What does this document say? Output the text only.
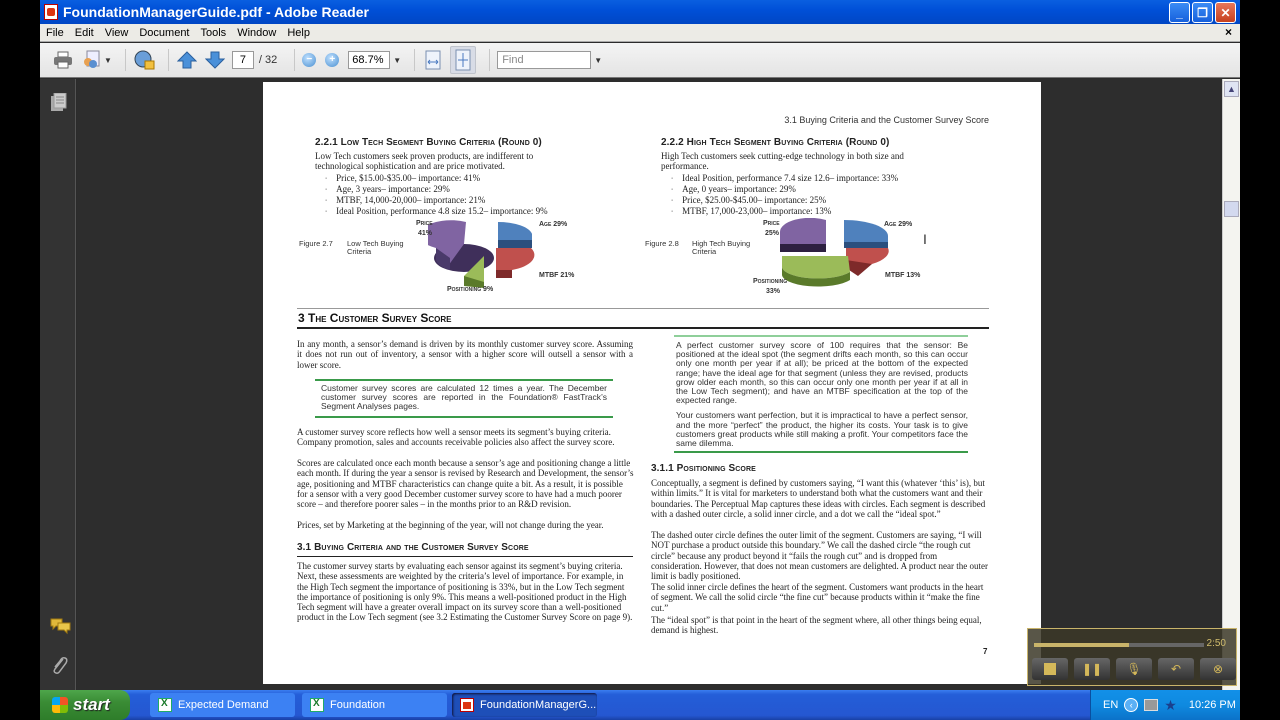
FoundationManagerGuide.pdf - Adobe Reader	_	❐	✕
File Edit View Document Tools Window Help	×
▼	7	/ 32	−	+	68.7%	▼	Find	▼
▲
3.1 Buying Criteria and the Customer Survey Score
2.2.1 Low Tech Segment Buying Criteria (Round 0)
Low Tech customers seek proven products, are indifferent to technological sophistication and are price motivated.
▪ Price, $15.00-$35.00– importance: 41%
▪ Age, 3 years– importance: 29%
▪ MTBF, 14,000-20,000– importance: 21%
▪ Ideal Position, performance 4.8 size 15.2– importance: 9%
Figure 2.7 Low Tech Buying Criteria
Price
41%
Age 29%
MTBF 21%
Positioning 9%
2.2.2 High Tech Segment Buying Criteria (Round 0)
High Tech customers seek cutting-edge technology in both size and performance.
▪ Ideal Position, performance 7.4 size 12.6– importance: 33%
▪ Age, 0 years– importance: 29%
▪ Price, $25.00-$45.00– importance: 25%
▪ MTBF, 17,000-23,000– importance: 13%
Figure 2.8 High Tech Buying Criteria
Price
25%
Age 29%
MTBF 13%
Positioning
33%
I
3 The Customer Survey Score
In any month, a sensor’s demand is driven by its monthly customer survey score. Assuming it does not run out of inventory, a sensor with a higher score will outsell a sensor with a lower score.
Customer survey scores are calculated 12 times a year. The December customer survey scores are reported in the Foundation® FastTrack’s Segment Analyses pages.
A customer survey score reflects how well a sensor meets its segment’s buying criteria. Company promotion, sales and accounts receivable policies also affect the survey score.
Scores are calculated once each month because a sensor’s age and positioning change a little each month. If during the year a sensor is revised by Research and Development, the sensor’s age, positioning and MTBF characteristics can change quite a bit. As a result, it is possible for a sensor with a very good December customer survey score to have had a much poorer score – and therefore poorer sales – in the months prior to an R&D revision.
Prices, set by Marketing at the beginning of the year, will not change during the year.
3.1 Buying Criteria and the Customer Survey Score
The customer survey starts by evaluating each sensor against its segment’s buying criteria. Next, these assessments are weighted by the criteria’s level of importance. For example, in the High Tech segment the importance of positioning is 33%, but in the Low Tech segment the importance of positioning is only 9%. This means a well-positioned product in the High Tech segment will have a greater overall impact on its survey score than a well-positioned product in the Low Tech segment (see 3.2 Estimating the Customer Survey Score on page 9).
A perfect customer survey score of 100 requires that the sensor: Be positioned at the ideal spot (the segment drifts each month, so this can occur only one month per year if at all); be priced at the bottom of the expected range; have the ideal age for that segment (unless they are revised, products grow older each month, so this can occur only one month per year if at all in the Low Tech segment); and have an MTBF specification at the top of the expected range.
Your customers want perfection, but it is impractical to have a perfect sensor, and the more “perfect” the product, the higher its costs. Your task is to give customers great products while still making a profit. Your competitors face the same dilemma.
3.1.1 Positioning Score
Conceptually, a segment is defined by customers saying, “I want this (whatever ‘this’ is), but within limits.” It is vital for marketers to understand both what the customers want and their boundaries. The Perceptual Map captures these ideas with circles. Each segment is described with a dashed outer circle, a solid inner circle, and a dot we call the “ideal spot.”
The dashed outer circle defines the outer limit of the segment. Customers are saying, “I will NOT purchase a product outside this boundary.” We call the dashed circle “the rough cut circle” because any product beyond it “fails the rough cut” and is dropped from consideration. However, that does not mean customers are delighted. A product near the outer limit is badly positioned.
The solid inner circle defines the heart of the segment. Customers want products in the heart of segment. We call the solid circle “the fine cut” because products within it “make the fine cut.”
The “ideal spot” is that point in the heart of the segment where, all other things being equal, demand is highest.
7
2:50
❚❚ 🎙 ↶	⊗
start X	Expected Demand X	Foundation	FoundationManagerG...	EN	‹	★ 10:26 PM
